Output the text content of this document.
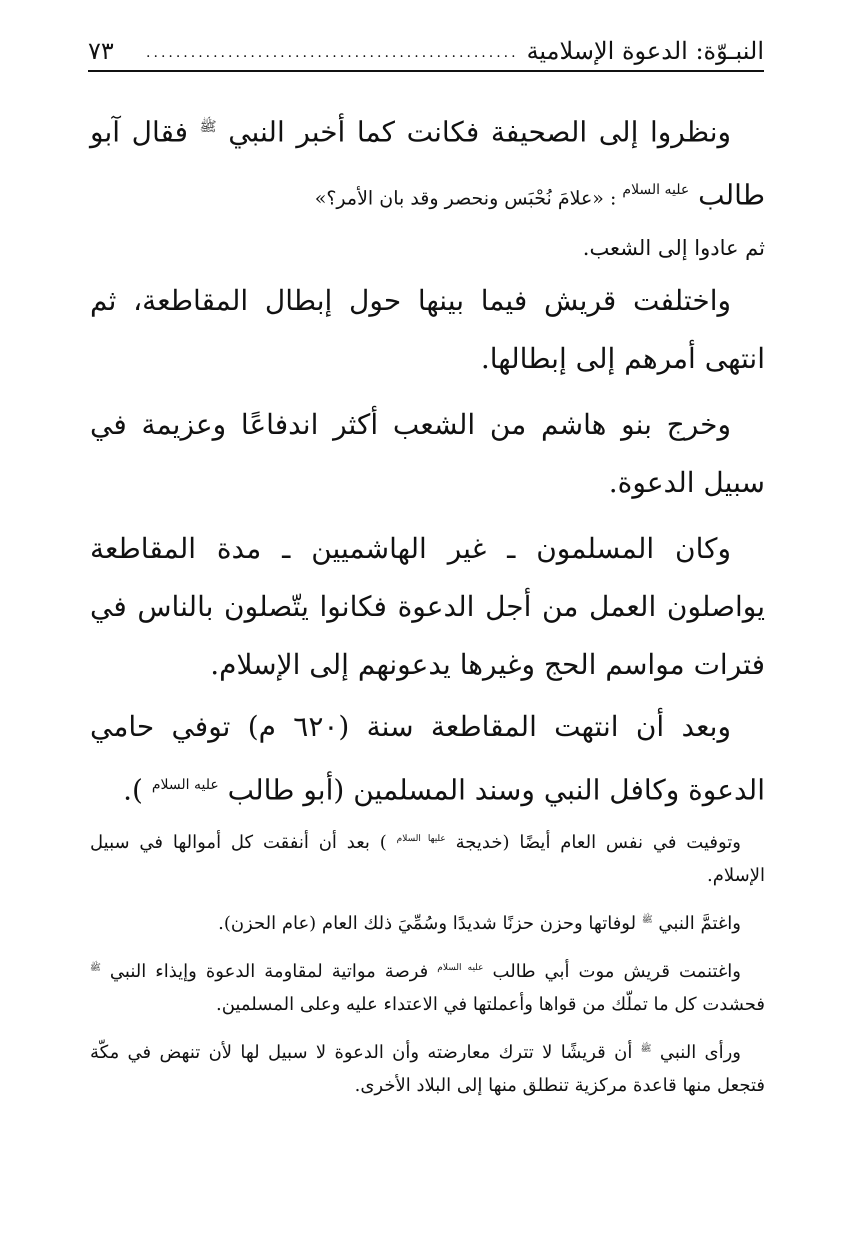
النبـوّة: الدعوة الإسلامية
..................................................
٧٣

ونظروا إلى الصحيفة فكانت كما أخبر النبي $^ﷺ$ فقال آبو طالب $^{عليه السلام}$ : «علامَ نُحْبَس ونحصر وقد بان الأمر؟»

ثم عادوا إلى الشعب.

واختلفت قريش فيما بينها حول إبطال المقاطعة، ثم انتهى أمرهم إلى إبطالها.

وخرج بنو هاشم من الشعب أكثر اندفاعًا وعزيمة في سبيل الدعوة.

وكان المسلمون ـ غير الهاشميين ـ مدة المقاطعة يواصلون العمل من أجل الدعوة فكانوا يتّصلون بالناس في فترات مواسم الحج وغيرها يدعونهم إلى الإسلام.

وبعد أن انتهت المقاطعة سنة (٦٢٠ م) توفي حامي الدعوة وكافل النبي وسند المسلمين (أبو طالب $^{عليه السلام}$ ).

وتوفيت في نفس العام أيضًا (خديجة $^{عليها السلام}$ ) بعد أن أنفقت كل أموالها في سبيل الإسلام.

واغتمَّ النبي $^ﷺ$ لوفاتها وحزن حزنًا شديدًا وسُمِّيَ ذلك العام (عام الحزن).

واغتنمت قريش موت أبي طالب $^{عليه السلام}$ فرصة مواتية لمقاومة الدعوة وإيذاء النبي $^ﷺ$ فحشدت كل ما تملّك من قواها وأعملتها في الاعتداء عليه وعلى المسلمين.

ورأى النبي $^ﷺ$ أن قريشًا لا تترك معارضته وأن الدعوة لا سبيل لها لأن تنهض في مكّة فتجعل منها قاعدة مركزية تنطلق منها إلى البلاد الأخرى.
